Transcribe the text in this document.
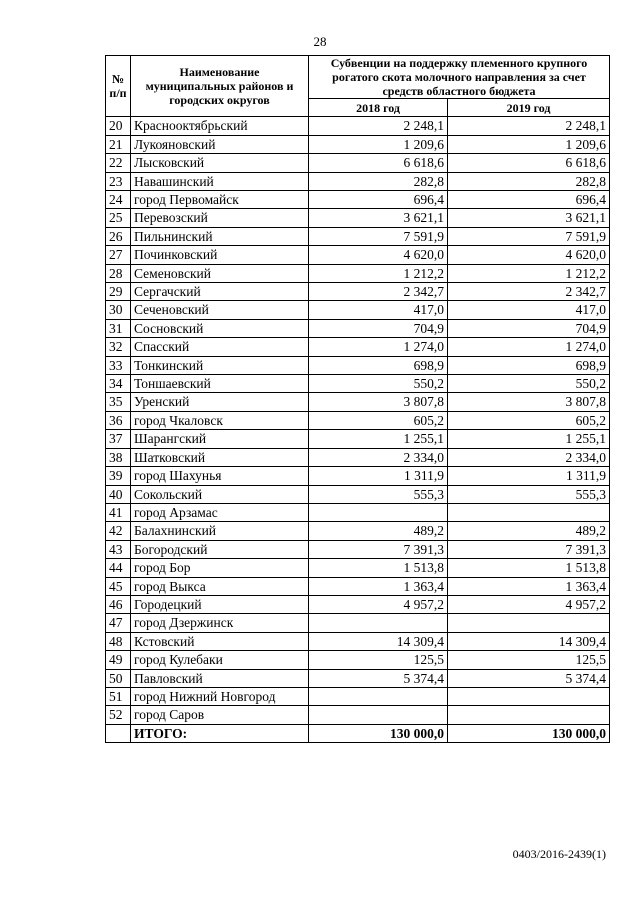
28
№ п/п	Наименование муниципальных районов и городских округов	Субвенции на поддержку племенного крупного рогатого скота молочного направления за счет средств областного бюджета	
		2018 год	2019 год
20	Краснооктябрьский	2 248,1	2 248,1
21	Лукояновский	1 209,6	1 209,6
22	Лысковский	6 618,6	6 618,6
23	Навашинский	282,8	282,8
24	город Первомайск	696,4	696,4
25	Перевозский	3 621,1	3 621,1
26	Пильнинский	7 591,9	7 591,9
27	Починковский	4 620,0	4 620,0
28	Семеновский	1 212,2	1 212,2
29	Сергачский	2 342,7	2 342,7
30	Сеченовский	417,0	417,0
31	Сосновский	704,9	704,9
32	Спасский	1 274,0	1 274,0
33	Тонкинский	698,9	698,9
34	Тоншаевский	550,2	550,2
35	Уренский	3 807,8	3 807,8
36	город Чкаловск	605,2	605,2
37	Шарангский	1 255,1	1 255,1
38	Шатковский	2 334,0	2 334,0
39	город Шахунья	1 311,9	1 311,9
40	Сокольский	555,3	555,3
41	город Арзамас		
42	Балахнинский	489,2	489,2
43	Богородский	7 391,3	7 391,3
44	город Бор	1 513,8	1 513,8
45	город Выкса	1 363,4	1 363,4
46	Городецкий	4 957,2	4 957,2
47	город Дзержинск		
48	Кстовский	14 309,4	14 309,4
49	город Кулебаки	125,5	125,5
50	Павловский	5 374,4	5 374,4
51	город Нижний Новгород		
52	город Саров		
	ИТОГО:	130 000,0	130 000,0
0403/2016-2439(1)
